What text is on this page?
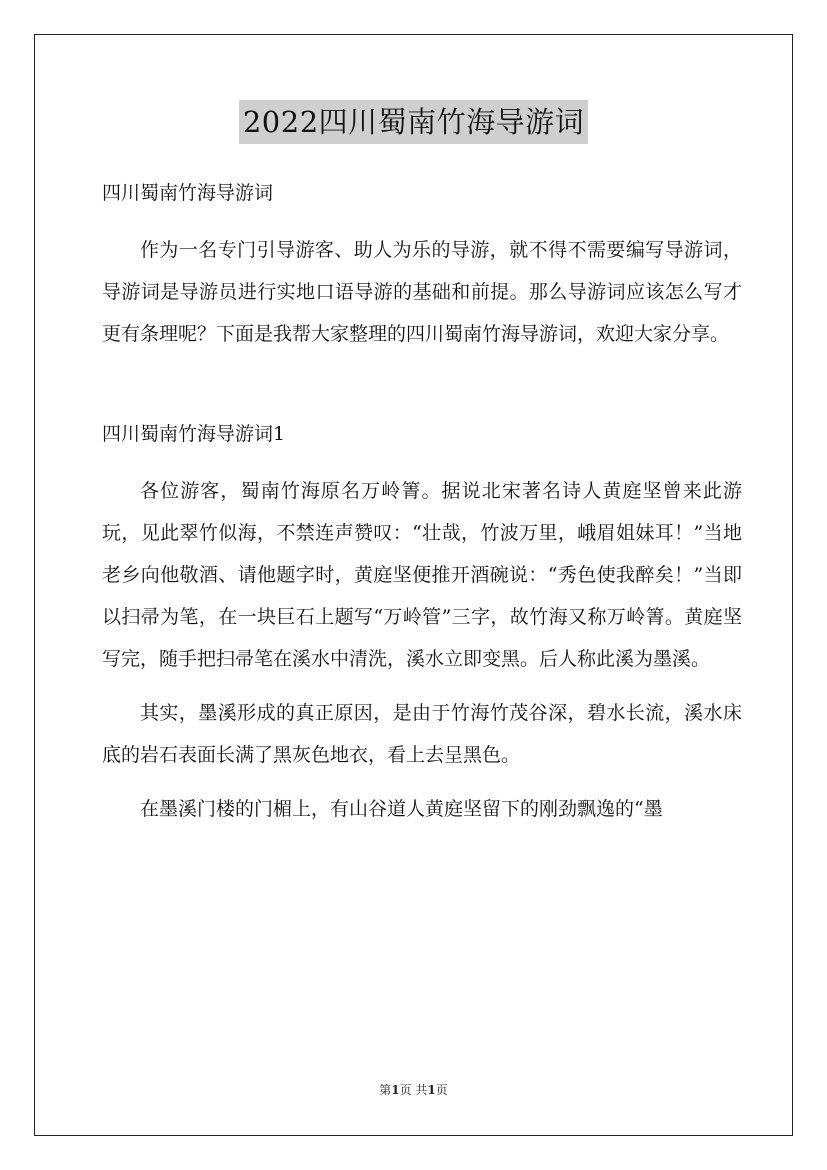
2022四川蜀南竹海导游词

四川蜀南竹海导游词

作为一名专门引导游客、助人为乐的导游，就不得不需要编写导游词，导游词是导游员进行实地口语导游的基础和前提。那么导游词应该怎么写才更有条理呢？下面是我帮大家整理的四川蜀南竹海导游词，欢迎大家分享。

四川蜀南竹海导游词1

各位游客，蜀南竹海原名万岭箐。据说北宋著名诗人黄庭坚曾来此游玩，见此翠竹似海，不禁连声赞叹：“壮哉，竹波万里，峨眉姐妹耳！”当地老乡向他敬酒、请他题字时，黄庭坚便推开酒碗说：“秀色使我醉矣！”当即以扫帚为笔，在一块巨石上题写“万岭管”三字，故竹海又称万岭箐。黄庭坚写完，随手把扫帚笔在溪水中清洗，溪水立即变黑。后人称此溪为墨溪。

其实，墨溪形成的真正原因，是由于竹海竹茂谷深，碧水长流，溪水床底的岩石表面长满了黑灰色地衣，看上去呈黑色。

在墨溪门楼的门楣上，有山谷道人黄庭坚留下的刚劲飘逸的“墨

第1页 共1页
